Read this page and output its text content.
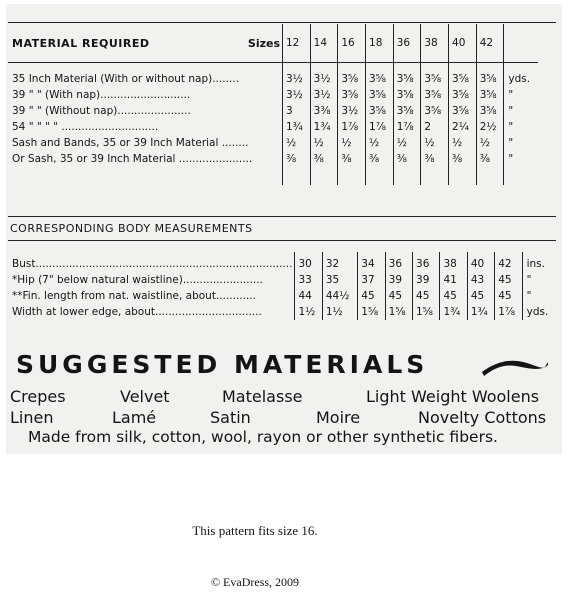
MATERIAL REQUIRED Sizes	12	14	16	18	36	38	40	42	

35 Inch Material (With or without nap)........	3½	3½	3⅝	3⅝	3⅝	3⅝	3⅝	3⅝	yds.
39 " " (With nap)...........................	3½	3½	3⅝	3⅝	3⅝	3⅝	3⅝	3⅝	"
39 " " (Without nap)......................	3	3⅜	3½	3⅝	3⅝	3⅝	3⅝	3⅝	"
54 " " " " .............................	1¾	1¾	1⅞	1⅞	1⅞	2	2¼	2½	"
Sash and Bands, 35 or 39 Inch Material ........	½	½	½	½	½	½	½	½	"
Or Sash, 35 or 39 Inch Material ......................	⅜	⅜	⅜	⅜	⅜	⅜	⅜	⅜	"

CORRESPONDING BODY MEASUREMENTS

Bust.............................................................................	30	32	34	36	36	38	40	42	ins.
*Hip (7" below natural waistline)........................	33	35	37	39	39	41	43	45	"
**Fin. length from nat. waistline, about............	44	44½	45	45	45	45	45	45	"
Width at lower edge, about................................	1½	1½	1⅝	1⅝	1⅝	1¾	1¾	1⅞	yds.
SUGGESTED MATERIALS
Crepes	Velvet	Matelasse	Light Weight Woolens
Linen	Lamé	Satin	Moire	Novelty Cottons
Made from silk, cotton, wool, rayon or other synthetic fibers.
This pattern fits size 16.
© EvaDress, 2009
